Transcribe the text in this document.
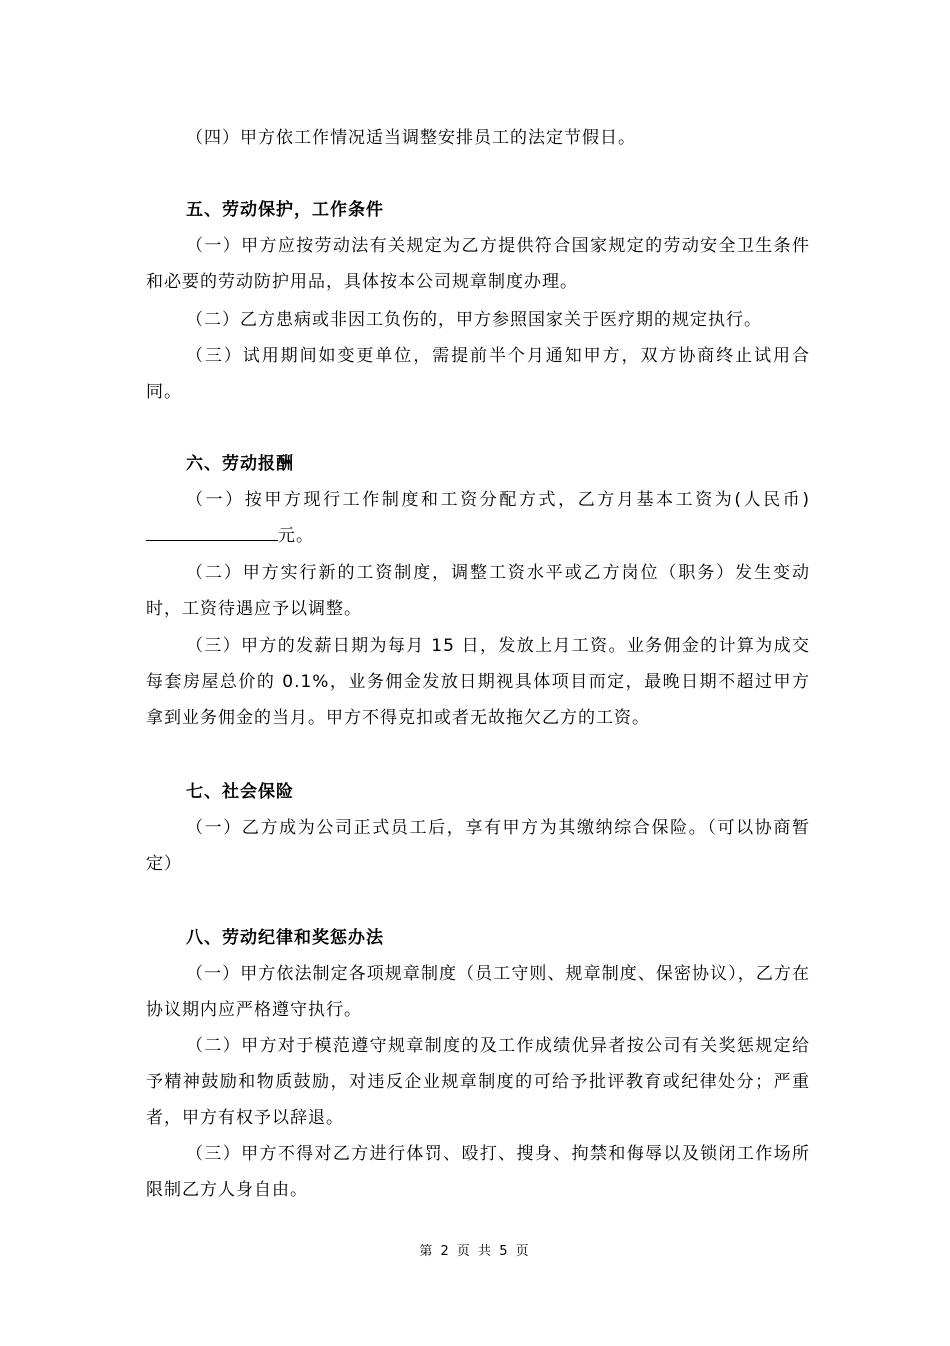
（四）甲方依工作情况适当调整安排员工的法定节假日。

五、劳动保护，工作条件

（一）甲方应按劳动法有关规定为乙方提供符合国家规定的劳动安全卫生条件和必要的劳动防护用品，具体按本公司规章制度办理。

（二）乙方患病或非因工负伤的，甲方参照国家关于医疗期的规定执行。

（三）试用期间如变更单位，需提前半个月通知甲方，双方协商终止试用合同。

六、劳动报酬

（一）按甲方现行工作制度和工资分配方式，乙方月基本工资为(人民币)元。

（二）甲方实行新的工资制度，调整工资水平或乙方岗位（职务）发生变动时，工资待遇应予以调整。

（三）甲方的发薪日期为每月 15 日，发放上月工资。业务佣金的计算为成交每套房屋总价的 0.1%，业务佣金发放日期视具体项目而定，最晚日期不超过甲方拿到业务佣金的当月。甲方不得克扣或者无故拖欠乙方的工资。

七、社会保险

（一）乙方成为公司正式员工后，享有甲方为其缴纳综合保险。（可以协商暂定）

八、劳动纪律和奖惩办法

（一）甲方依法制定各项规章制度（员工守则、规章制度、保密协议），乙方在协议期内应严格遵守执行。

（二）甲方对于模范遵守规章制度的及工作成绩优异者按公司有关奖惩规定给予精神鼓励和物质鼓励，对违反企业规章制度的可给予批评教育或纪律处分；严重者，甲方有权予以辞退。

（三）甲方不得对乙方进行体罚、殴打、搜身、拘禁和侮辱以及锁闭工作场所限制乙方人身自由。

第 2 页 共 5 页
